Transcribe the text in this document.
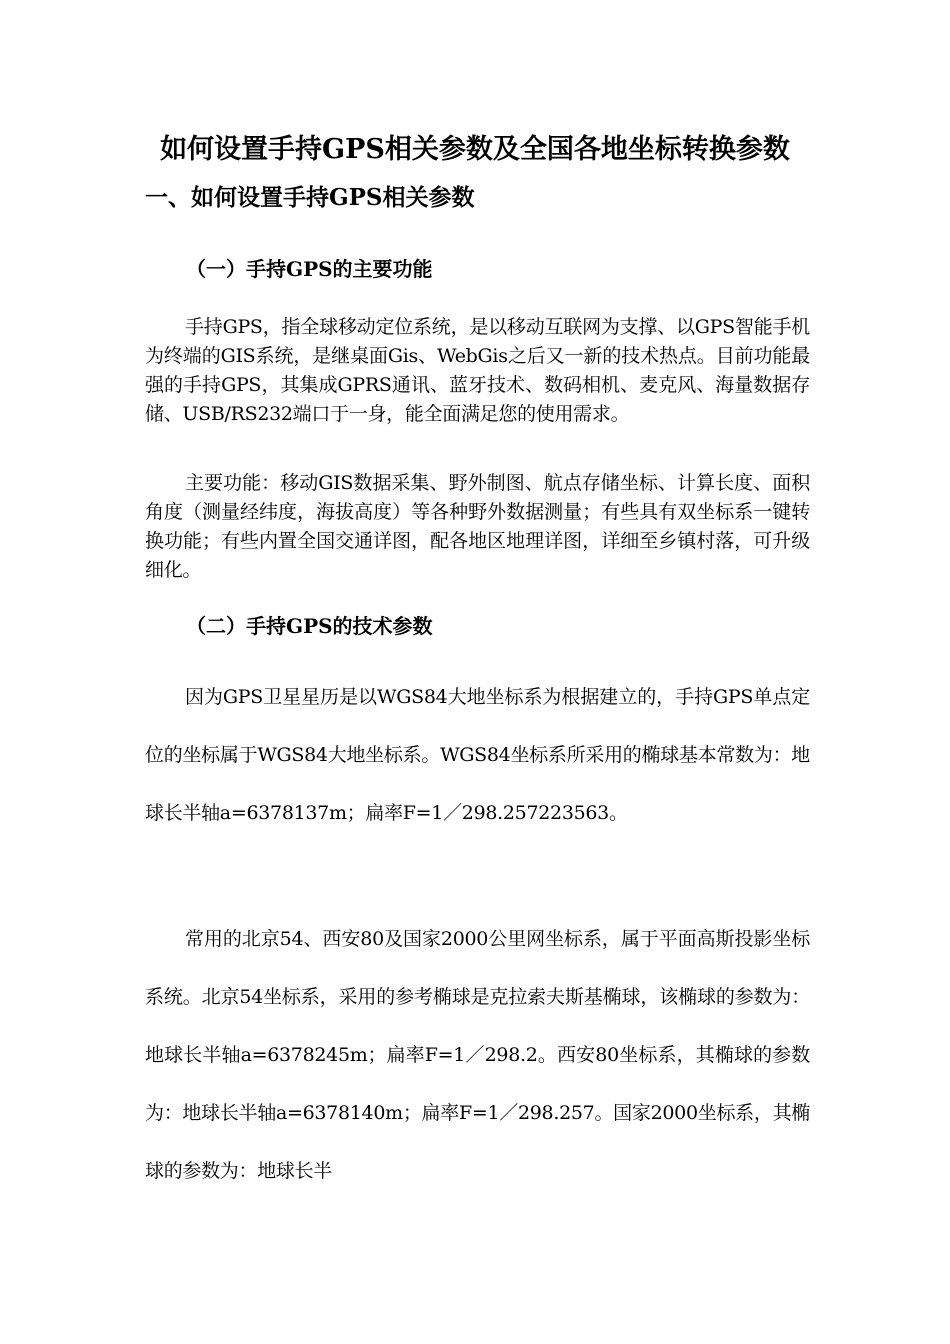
如何设置手持GPS相关参数及全国各地坐标转换参数
一、如何设置手持GPS相关参数
（一）手持GPS的主要功能

手持GPS，指全球移动定位系统，是以移动互联网为支撑、以GPS智能手机为终端的GIS系统，是继桌面Gis、WebGis之后又一新的技术热点。目前功能最强的手持GPS，其集成GPRS通讯、蓝牙技术、数码相机、麦克风、海量数据存储、USB/RS232端口于一身，能全面满足您的使用需求。

主要功能：移动GIS数据采集、野外制图、航点存储坐标、计算长度、面积角度（测量经纬度，海拔高度）等各种野外数据测量；有些具有双坐标系一键转换功能；有些内置全国交通详图，配各地区地理详图，详细至乡镇村落，可升级细化。

（二）手持GPS的技术参数

因为GPS卫星星历是以WGS84大地坐标系为根据建立的，手持GPS单点定位的坐标属于WGS84大地坐标系。WGS84坐标系所采用的椭球基本常数为：地球长半轴a=6378137m；扁率F=1／298.257223563。

常用的北京54、西安80及国家2000公里网坐标系，属于平面高斯投影坐标系统。北京54坐标系，采用的参考椭球是克拉索夫斯基椭球，该椭球的参数为：地球长半轴a=6378245m；扁率F=1／298.2。西安80坐标系，其椭球的参数为：地球长半轴a=6378140m；扁率F=1／298.257。国家2000坐标系，其椭球的参数为：地球长半
